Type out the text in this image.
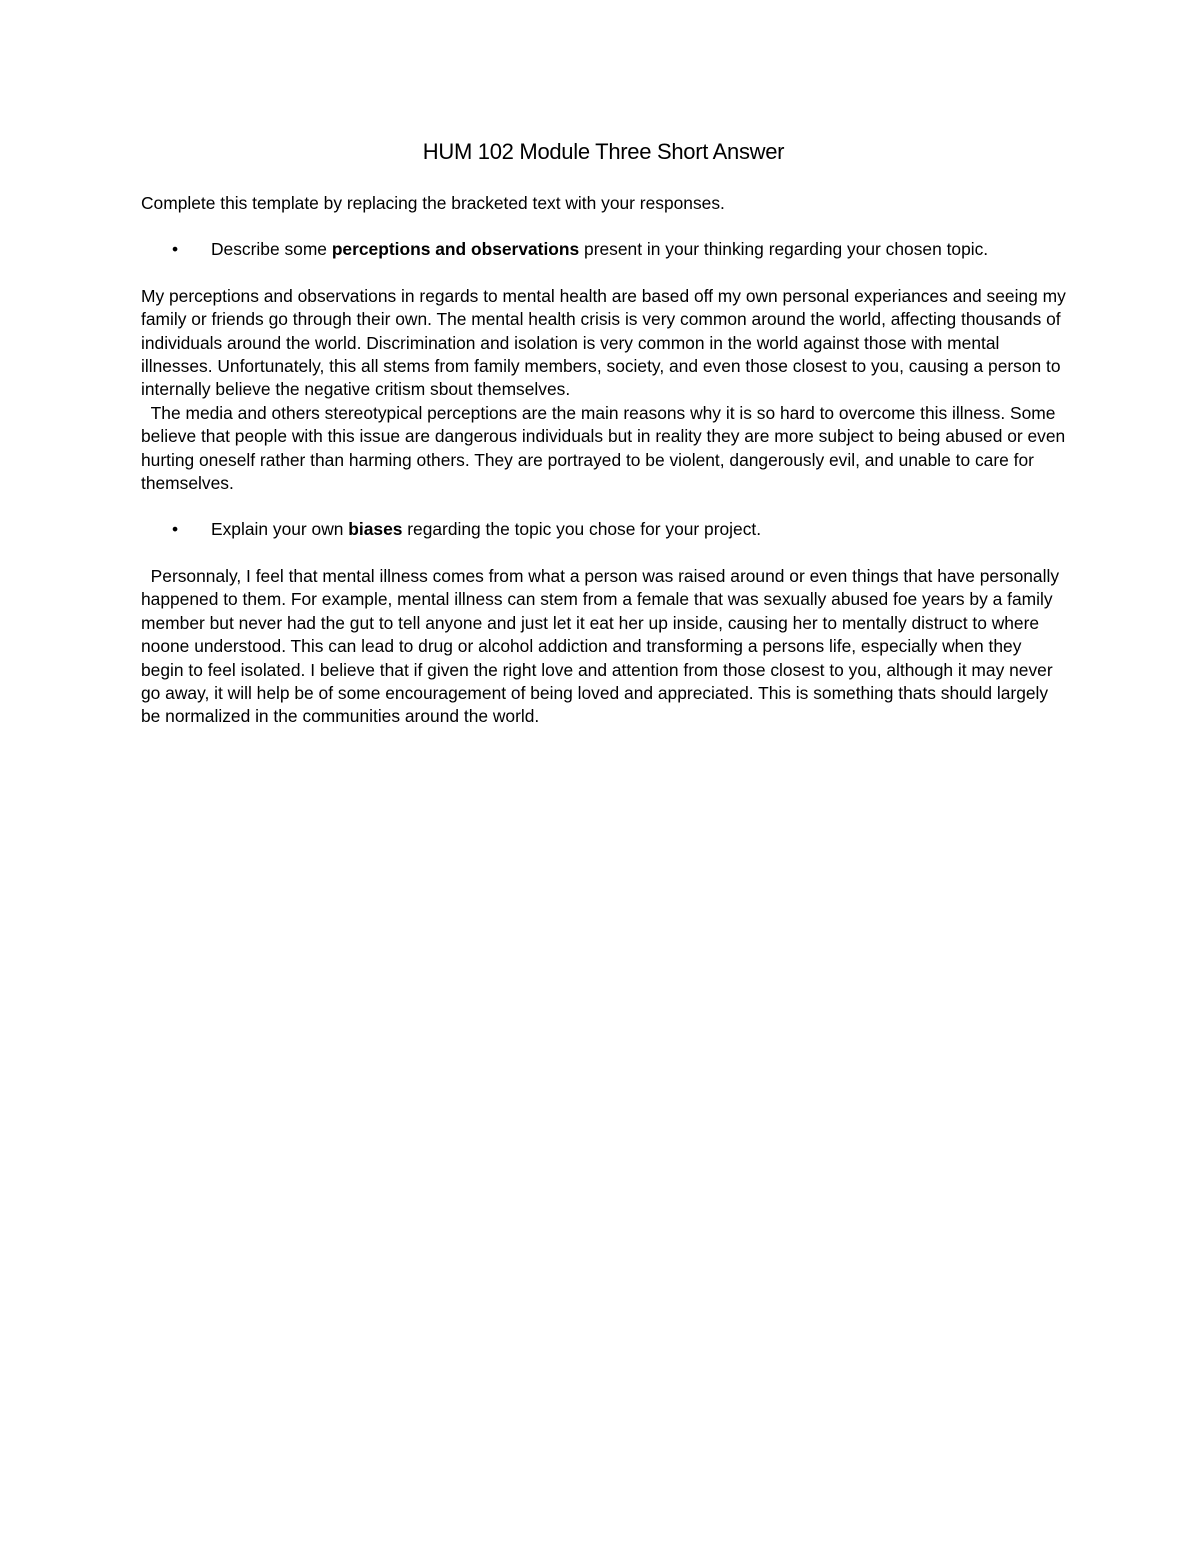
HUM 102 Module Three Short Answer

Complete this template by replacing the bracketed text with your responses.

•	Describe some perceptions and observations present in your thinking regarding your chosen topic.

My perceptions and observations in regards to mental health are based off my own personal experiances and seeing my family or friends go through their own. The mental health crisis is very common around the world, affecting thousands of individuals around the world. Discrimination and isolation is very common in the world against those with mental illnesses. Unfortunately, this all stems from family members, society, and even those closest to you, causing a person to internally believe the negative critism sbout themselves.

The media and others stereotypical perceptions are the main reasons why it is so hard to overcome this illness. Some believe that people with this issue are dangerous individuals but in reality they are more subject to being abused or even hurting oneself rather than harming others. They are portrayed to be violent, dangerously evil, and unable to care for themselves.

•	Explain your own biases regarding the topic you chose for your project.

Personnaly, I feel that mental illness comes from what a person was raised around or even things that have personally happened to them. For example, mental illness can stem from a female that was sexually abused foe years by a family member but never had the gut to tell anyone and just let it eat her up inside, causing her to mentally distruct to where noone understood. This can lead to drug or alcohol addiction and transforming a persons life, especially when they begin to feel isolated. I believe that if given the right love and attention from those closest to you, although it may never go away, it will help be of some encouragement of being loved and appreciated. This is something thats should largely be normalized in the communities around the world.
